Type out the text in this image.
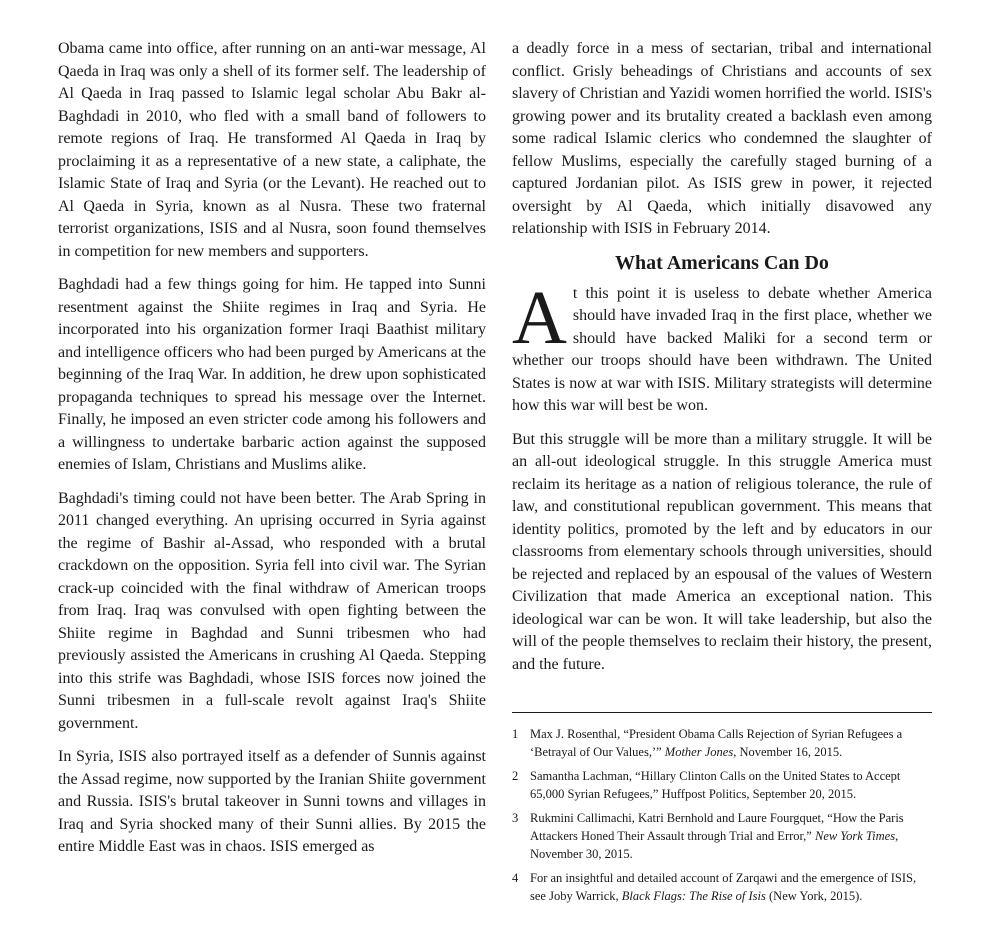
Obama came into office, after running on an anti-war message, Al Qaeda in Iraq was only a shell of its former self. The leadership of Al Qaeda in Iraq passed to Islamic legal scholar Abu Bakr al-Baghdadi in 2010, who fled with a small band of followers to remote regions of Iraq. He transformed Al Qaeda in Iraq by proclaiming it as a representative of a new state, a caliphate, the Islamic State of Iraq and Syria (or the Levant). He reached out to Al Qaeda in Syria, known as al Nusra. These two fraternal terrorist organizations, ISIS and al Nusra, soon found themselves in competition for new members and supporters.

Baghdadi had a few things going for him. He tapped into Sunni resentment against the Shiite regimes in Iraq and Syria. He incorporated into his organization former Iraqi Baathist military and intelligence officers who had been purged by Americans at the beginning of the Iraq War. In addition, he drew upon sophisticated propaganda techniques to spread his message over the Internet. Finally, he imposed an even stricter code among his followers and a willingness to undertake barbaric action against the supposed enemies of Islam, Christians and Muslims alike.

Baghdadi's timing could not have been better. The Arab Spring in 2011 changed everything. An uprising occurred in Syria against the regime of Bashir al-Assad, who responded with a brutal crackdown on the opposition. Syria fell into civil war. The Syrian crack-up coincided with the final withdraw of American troops from Iraq. Iraq was convulsed with open fighting between the Shiite regime in Baghdad and Sunni tribesmen who had previously assisted the Americans in crushing Al Qaeda. Stepping into this strife was Baghdadi, whose ISIS forces now joined the Sunni tribesmen in a full-scale revolt against Iraq's Shiite government.

In Syria, ISIS also portrayed itself as a defender of Sunnis against the Assad regime, now supported by the Iranian Shiite government and Russia. ISIS's brutal takeover in Sunni towns and villages in Iraq and Syria shocked many of their Sunni allies. By 2015 the entire Middle East was in chaos. ISIS emerged as

a deadly force in a mess of sectarian, tribal and international conflict. Grisly beheadings of Christians and accounts of sex slavery of Christian and Yazidi women horrified the world. ISIS's growing power and its brutality created a backlash even among some radical Islamic clerics who condemned the slaughter of fellow Muslims, especially the carefully staged burning of a captured Jordanian pilot. As ISIS grew in power, it rejected oversight by Al Qaeda, which initially disavowed any relationship with ISIS in February 2014.

What Americans Can Do

At this point it is useless to debate whether America should have invaded Iraq in the first place, whether we should have backed Maliki for a second term or whether our troops should have been withdrawn. The United States is now at war with ISIS. Military strategists will determine how this war will best be won.

But this struggle will be more than a military struggle. It will be an all-out ideological struggle. In this struggle America must reclaim its heritage as a nation of religious tolerance, the rule of law, and constitutional republican government. This means that identity politics, promoted by the left and by educators in our classrooms from elementary schools through universities, should be rejected and replaced by an espousal of the values of Western Civilization that made America an exceptional nation. This ideological war can be won. It will take leadership, but also the will of the people themselves to reclaim their history, the present, and the future.

1 Max J. Rosenthal, “President Obama Calls Rejection of Syrian Refugees a ‘Betrayal of Our Values,’” Mother Jones, November 16, 2015.
2 Samantha Lachman, “Hillary Clinton Calls on the United States to Accept 65,000 Syrian Refugees,” Huffpost Politics, September 20, 2015.
3 Rukmini Callimachi, Katri Bernhold and Laure Fourgquet, “How the Paris Attackers Honed Their Assault through Trial and Error,” New York Times, November 30, 2015.
4 For an insightful and detailed account of Zarqawi and the emergence of ISIS, see Joby Warrick, Black Flags: The Rise of Isis (New York, 2015).
